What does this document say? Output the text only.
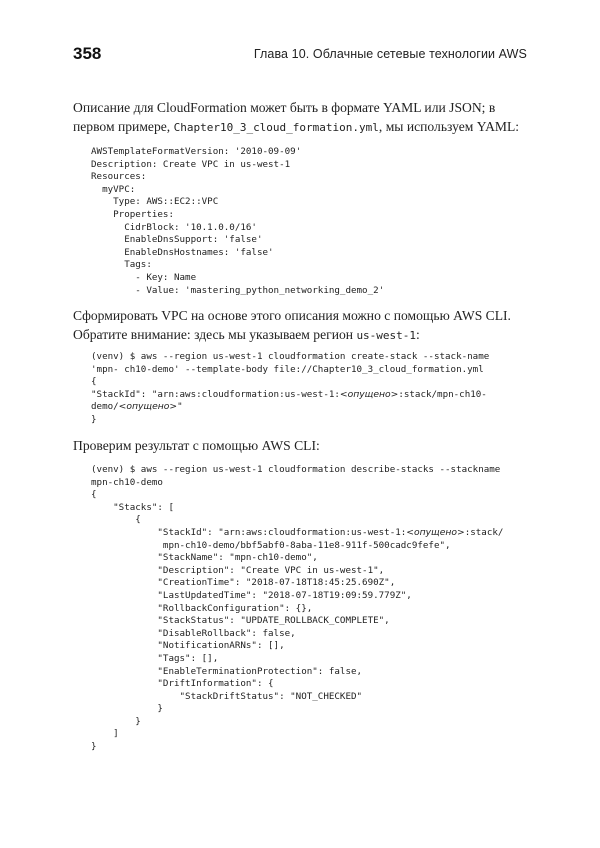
358	Глава 10. Облачные сетевые технологии AWS

Описание для CloudFormation может быть в формате YAML или JSON; в первом примере, Chapter10_3_cloud_formation.yml, мы используем YAML:

AWSTemplateFormatVersion: '2010-09-09'
Description: Create VPC in us-west-1
Resources:
myVPC:
Type: AWS::EC2::VPC
Properties:
CidrBlock: '10.1.0.0/16'
EnableDnsSupport: 'false'
EnableDnsHostnames: 'false'
Tags:
- Key: Name
- Value: 'mastering_python_networking_demo_2'

Сформировать VPC на основе этого описания можно с помощью AWS CLI. Обратите внимание: здесь мы указываем регион us-west-1:

(venv) $ aws --region us-west-1 cloudformation create-stack --stack-name
'mpn- ch10-demo' --template-body file://Chapter10_3_cloud_formation.yml
{
"StackId": "arn:aws:cloudformation:us-west-1:<опущено>:stack/mpn-ch10-
demo/<опущено>"
}

Проверим результат с помощью AWS CLI:

(venv) $ aws --region us-west-1 cloudformation describe-stacks --stackname
mpn-ch10-demo
{
"Stacks": [
{
"StackId": "arn:aws:cloudformation:us-west-1:<опущено>:stack/
mpn-ch10-demo/bbf5abf0-8aba-11e8-911f-500cadc9fefe",
"StackName": "mpn-ch10-demo",
"Description": "Create VPC in us-west-1",
"CreationTime": "2018-07-18T18:45:25.690Z",
"LastUpdatedTime": "2018-07-18T19:09:59.779Z",
"RollbackConfiguration": {},
"StackStatus": "UPDATE_ROLLBACK_COMPLETE",
"DisableRollback": false,
"NotificationARNs": [],
"Tags": [],
"EnableTerminationProtection": false,
"DriftInformation": {
"StackDriftStatus": "NOT_CHECKED"
}
}
]
}
